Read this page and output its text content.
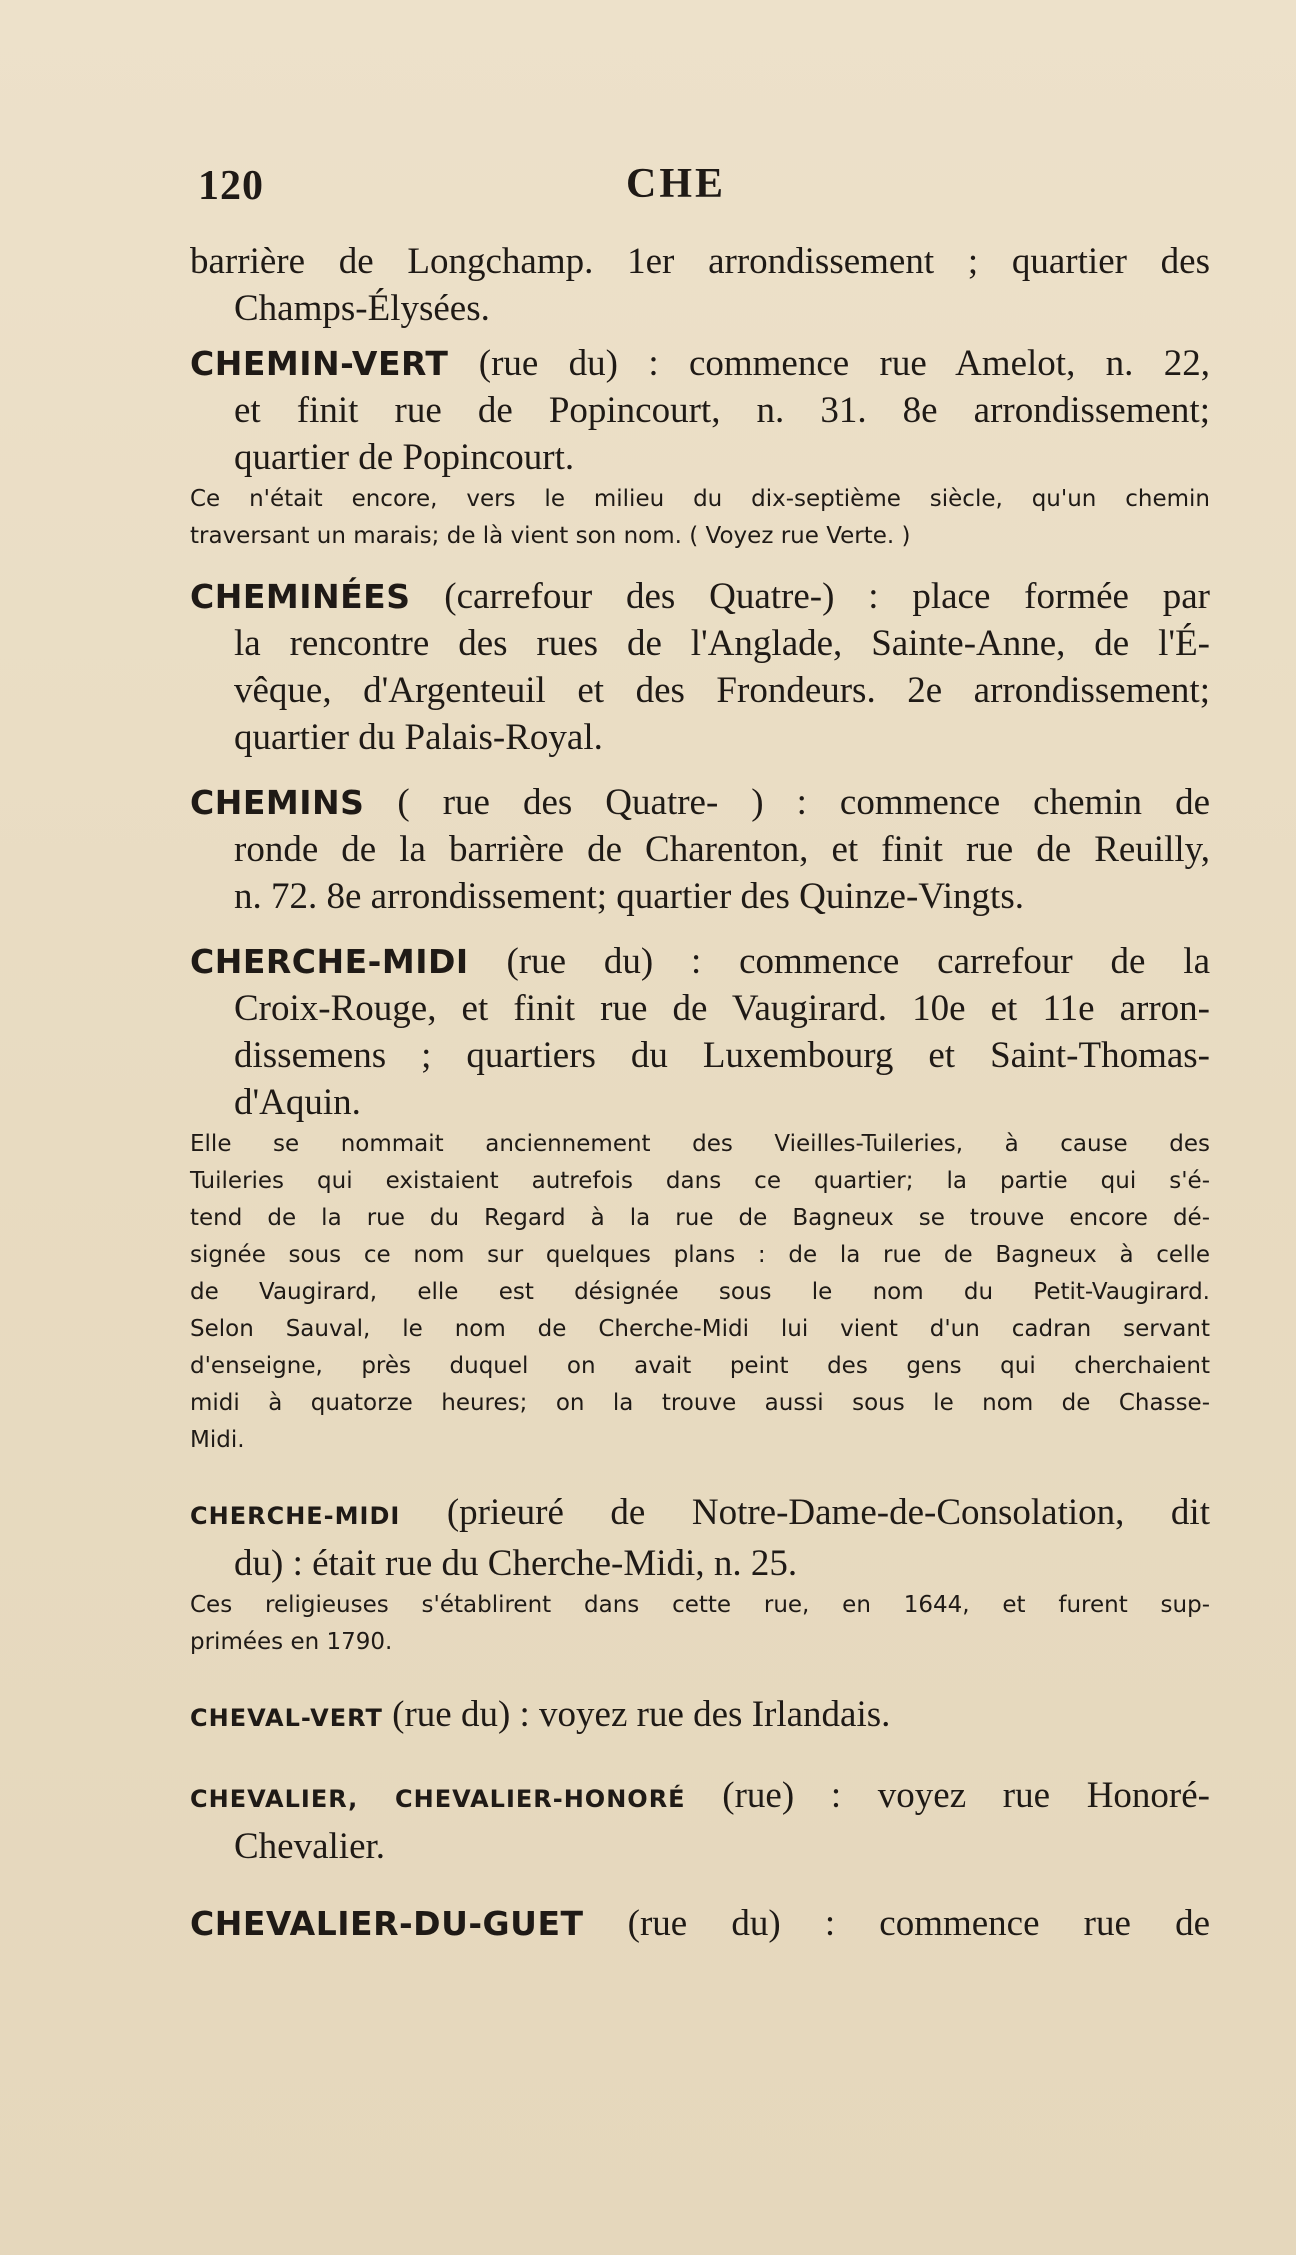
120	CHE
barrière de Longchamp. 1er arrondissement ; quartier des
Champs-Élysées.
CHEMIN-VERT (rue du) : commence rue Amelot, n. 22,
et finit rue de Popincourt, n. 31. 8e arrondissement;
quartier de Popincourt.
Ce n'était encore, vers le milieu du dix-septième siècle, qu'un chemin
traversant un marais; de là vient son nom. ( Voyez rue Verte. )
CHEMINÉES (carrefour des Quatre-) : place formée par
la rencontre des rues de l'Anglade, Sainte-Anne, de l'É-
vêque, d'Argenteuil et des Frondeurs. 2e arrondissement;
quartier du Palais-Royal.
CHEMINS ( rue des Quatre- ) : commence chemin de
ronde de la barrière de Charenton, et finit rue de Reuilly,
n. 72. 8e arrondissement; quartier des Quinze-Vingts.
CHERCHE-MIDI (rue du) : commence carrefour de la
Croix-Rouge, et finit rue de Vaugirard. 10e et 11e arron-
dissemens ; quartiers du Luxembourg et Saint-Thomas-
d'Aquin.
Elle se nommait anciennement des Vieilles-Tuileries, à cause des
Tuileries qui existaient autrefois dans ce quartier; la partie qui s'é-
tend de la rue du Regard à la rue de Bagneux se trouve encore dé-
signée sous ce nom sur quelques plans : de la rue de Bagneux à celle
de Vaugirard, elle est désignée sous le nom du Petit-Vaugirard.
Selon Sauval, le nom de Cherche-Midi lui vient d'un cadran servant
d'enseigne, près duquel on avait peint des gens qui cherchaient
midi à quatorze heures; on la trouve aussi sous le nom de Chasse-
Midi.
CHERCHE-MIDI (prieuré de Notre-Dame-de-Consolation, dit
du) : était rue du Cherche-Midi, n. 25.
Ces religieuses s'établirent dans cette rue, en 1644, et furent sup-
primées en 1790.
CHEVAL-VERT (rue du) : voyez rue des Irlandais.
CHEVALIER, CHEVALIER-HONORÉ (rue) : voyez rue Honoré-
Chevalier.
CHEVALIER-DU-GUET (rue du) : commence rue de
